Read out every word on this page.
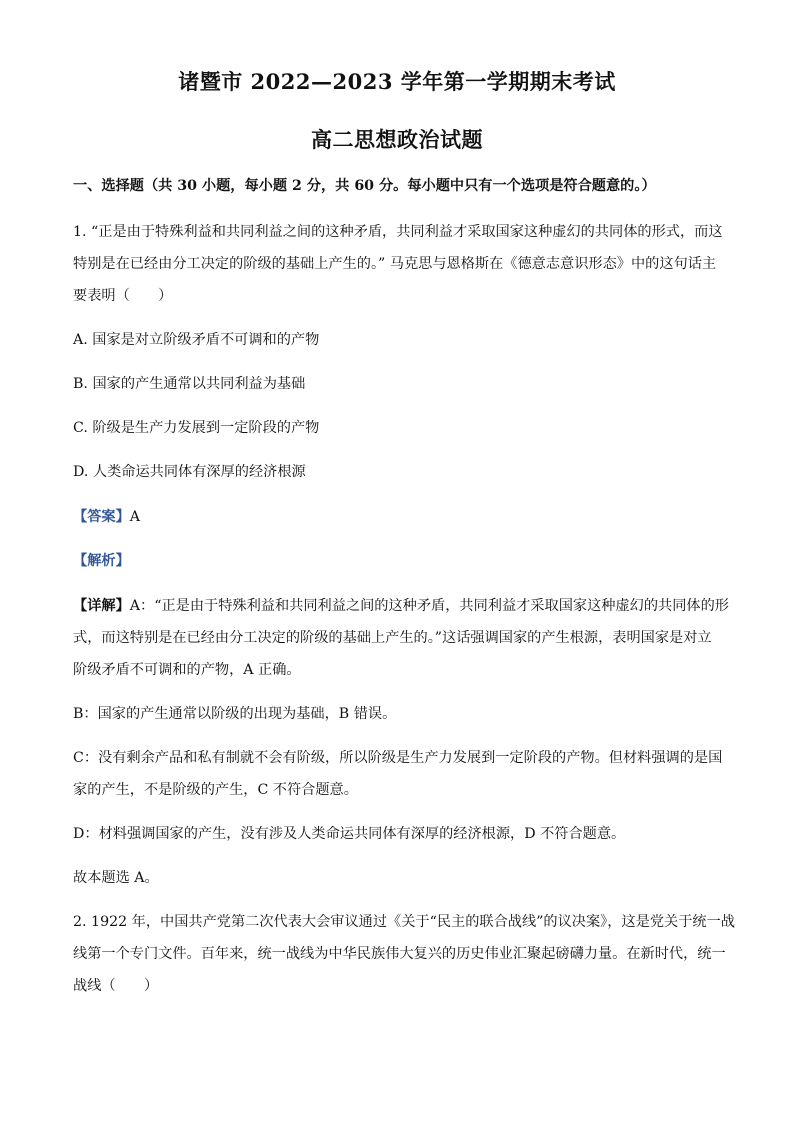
诸暨市 2022—2023 学年第一学期期末考试
高二思想政治试题
一、选择题（共 30 小题，每小题 2 分，共 60 分。每小题中只有一个选项是符合题意的。）
1. “正是由于特殊利益和共同利益之间的这种矛盾，共同利益才采取国家这种虚幻的共同体的形式，而这
特别是在已经由分工决定的阶级的基础上产生的。” 马克思与恩格斯在《德意志意识形态》中的这句话主
要表明（　　）
A. 国家是对立阶级矛盾不可调和的产物
B. 国家的产生通常以共同利益为基础
C. 阶级是生产力发展到一定阶段的产物
D. 人类命运共同体有深厚的经济根源
【答案】A
【解析】
【详解】A：“正是由于特殊利益和共同利益之间的这种矛盾，共同利益才采取国家这种虚幻的共同体的形
式，而这特别是在已经由分工决定的阶级的基础上产生的。”这话强调国家的产生根源，表明国家是对立
阶级矛盾不可调和的产物，A 正确。
B：国家的产生通常以阶级的出现为基础，B 错误。
C：没有剩余产品和私有制就不会有阶级，所以阶级是生产力发展到一定阶段的产物。但材料强调的是国
家的产生，不是阶级的产生，C 不符合题意。
D：材料强调国家的产生，没有涉及人类命运共同体有深厚的经济根源，D 不符合题意。
故本题选 A。
2. 1922 年，中国共产党第二次代表大会审议通过《关于“民主的联合战线”的议决案》，这是党关于统一战
线第一个专门文件。百年来，统一战线为中华民族伟大复兴的历史伟业汇聚起磅礴力量。在新时代，统一
战线（　　）
